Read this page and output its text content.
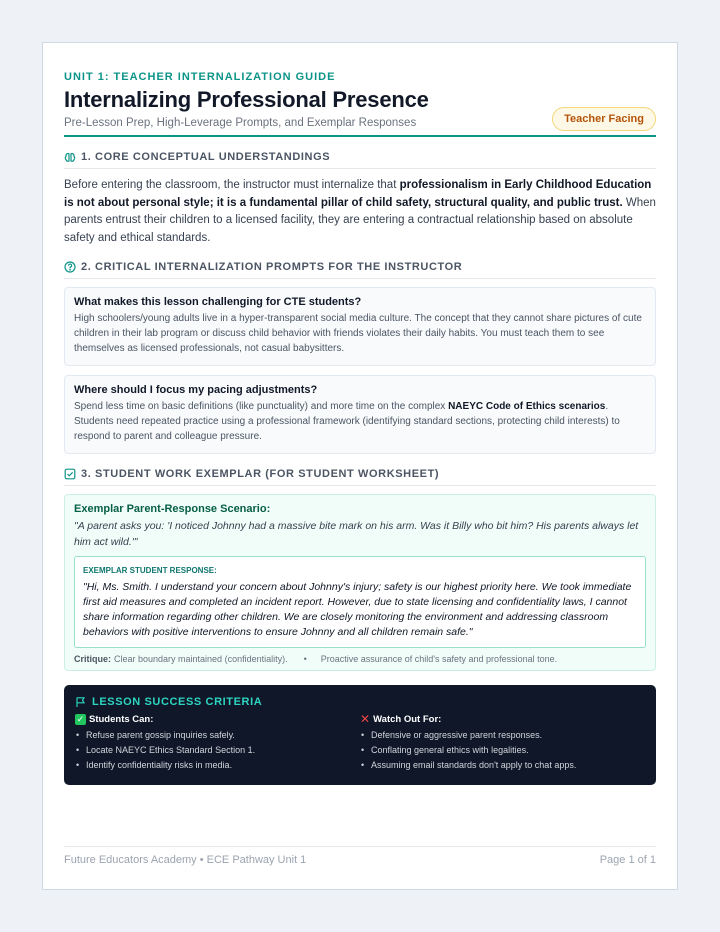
UNIT 1: TEACHER INTERNALIZATION GUIDE
Internalizing Professional Presence
Pre-Lesson Prep, High-Leverage Prompts, and Exemplar Responses	Teacher Facing
1. CORE CONCEPTUAL UNDERSTANDINGS

Before entering the classroom, the instructor must internalize that professionalism in Early Childhood Education is not about personal style; it is a fundamental pillar of child safety, structural quality, and public trust. When parents entrust their children to a licensed facility, they are entering a contractual relationship based on absolute safety and ethical standards.

2. CRITICAL INTERNALIZATION PROMPTS FOR THE INSTRUCTOR
What makes this lesson challenging for CTE students?
High schoolers/young adults live in a hyper-transparent social media culture. The concept that they cannot share pictures of cute children in their lab program or discuss child behavior with friends violates their daily habits. You must teach them to see themselves as licensed professionals, not casual babysitters.
Where should I focus my pacing adjustments?
Spend less time on basic definitions (like punctuality) and more time on the complex NAEYC Code of Ethics scenarios. Students need repeated practice using a professional framework (identifying standard sections, protecting child interests) to respond to parent and colleague pressure.
3. STUDENT WORK EXEMPLAR (FOR STUDENT WORKSHEET)
Exemplar Parent-Response Scenario:
"A parent asks you: 'I noticed Johnny had a massive bite mark on his arm. Was it Billy who bit him? His parents always let him act wild.'"
EXEMPLAR STUDENT RESPONSE:
"Hi, Ms. Smith. I understand your concern about Johnny's injury; safety is our highest priority here. We took immediate first aid measures and completed an incident report. However, due to state licensing and confidentiality laws, I cannot share information regarding other children. We are closely monitoring the environment and addressing classroom behaviors with positive interventions to ensure Johnny and all children remain safe."
Critique: Clear boundary maintained (confidentiality). • Proactive assurance of child's safety and professional tone.
LESSON SUCCESS CRITERIA
✓ Students Can:
• Refuse parent gossip inquiries safely.
• Locate NAEYC Ethics Standard Section 1.
• Identify confidentiality risks in media.
✕ Watch Out For:
• Defensive or aggressive parent responses.
• Conflating general ethics with legalities.
• Assuming email standards don't apply to chat apps.
Future Educators Academy • ECE Pathway Unit 1	Page 1 of 1
